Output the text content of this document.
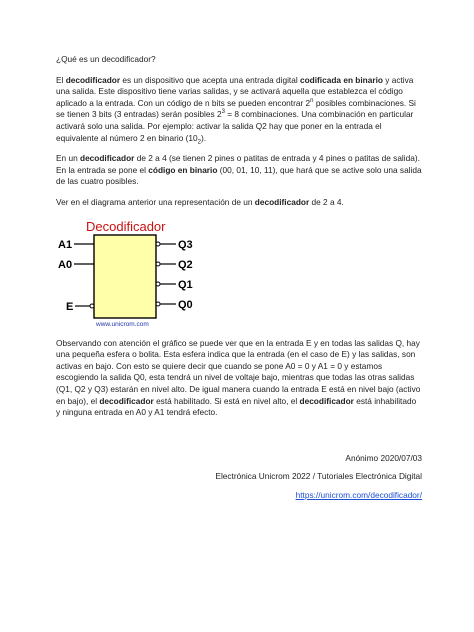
¿Qué es un decodificador?

El decodificador es un dispositivo que acepta una entrada digital codificada en binario y activa una salida. Este dispositivo tiene varias salidas, y se activará aquella que establezca el código aplicado a la entrada. Con un código de n bits se pueden encontrar 2$^n$ posibles combinaciones. Si se tienen 3 bits (3 entradas) serán posibles $2^3 = 8$ combinaciones. Una combinación en particular activará solo una salida. Por ejemplo: activar la salida Q2 hay que poner en la entrada el equivalente al número 2 en binario $(10_2)$.

En un decodificador de 2 a 4 (se tienen 2 pines o patitas de entrada y 4 pines o patitas de salida). En la entrada se pone el código en binario (00, 01, 10, 11), que hará que se active solo una salida de las cuatro posibles.

Ver en el diagrama anterior una representación de un decodificador de 2 a 4.

Decodificador
A1
A0
E
Q3
Q2
Q1
Q0
www.unicrom.com

Observando con atención el gráfico se puede ver que en la entrada E y en todas las salidas Q, hay una pequeña esfera o bolita. Esta esfera indica que la entrada (en el caso de E) y las salidas, son activas en bajo. Con esto se quiere decir que cuando se pone A0 = 0 y A1 = 0 y estamos escogiendo la salida Q0, esta tendrá un nivel de voltaje bajo, mientras que todas las otras salidas (Q1, Q2 y Q3) estarán en nivel alto. De igual manera cuando la entrada E está en nivel bajo (activo en bajo), el decodificador está habilitado. Si está en nivel alto, el decodificador está inhabilitado y ninguna entrada en A0 y A1 tendrá efecto.

Anónimo 2020/07/03

Electrónica Unicrom 2022 / Tutoriales Electrónica Digital

https://unicrom.com/decodificador/
